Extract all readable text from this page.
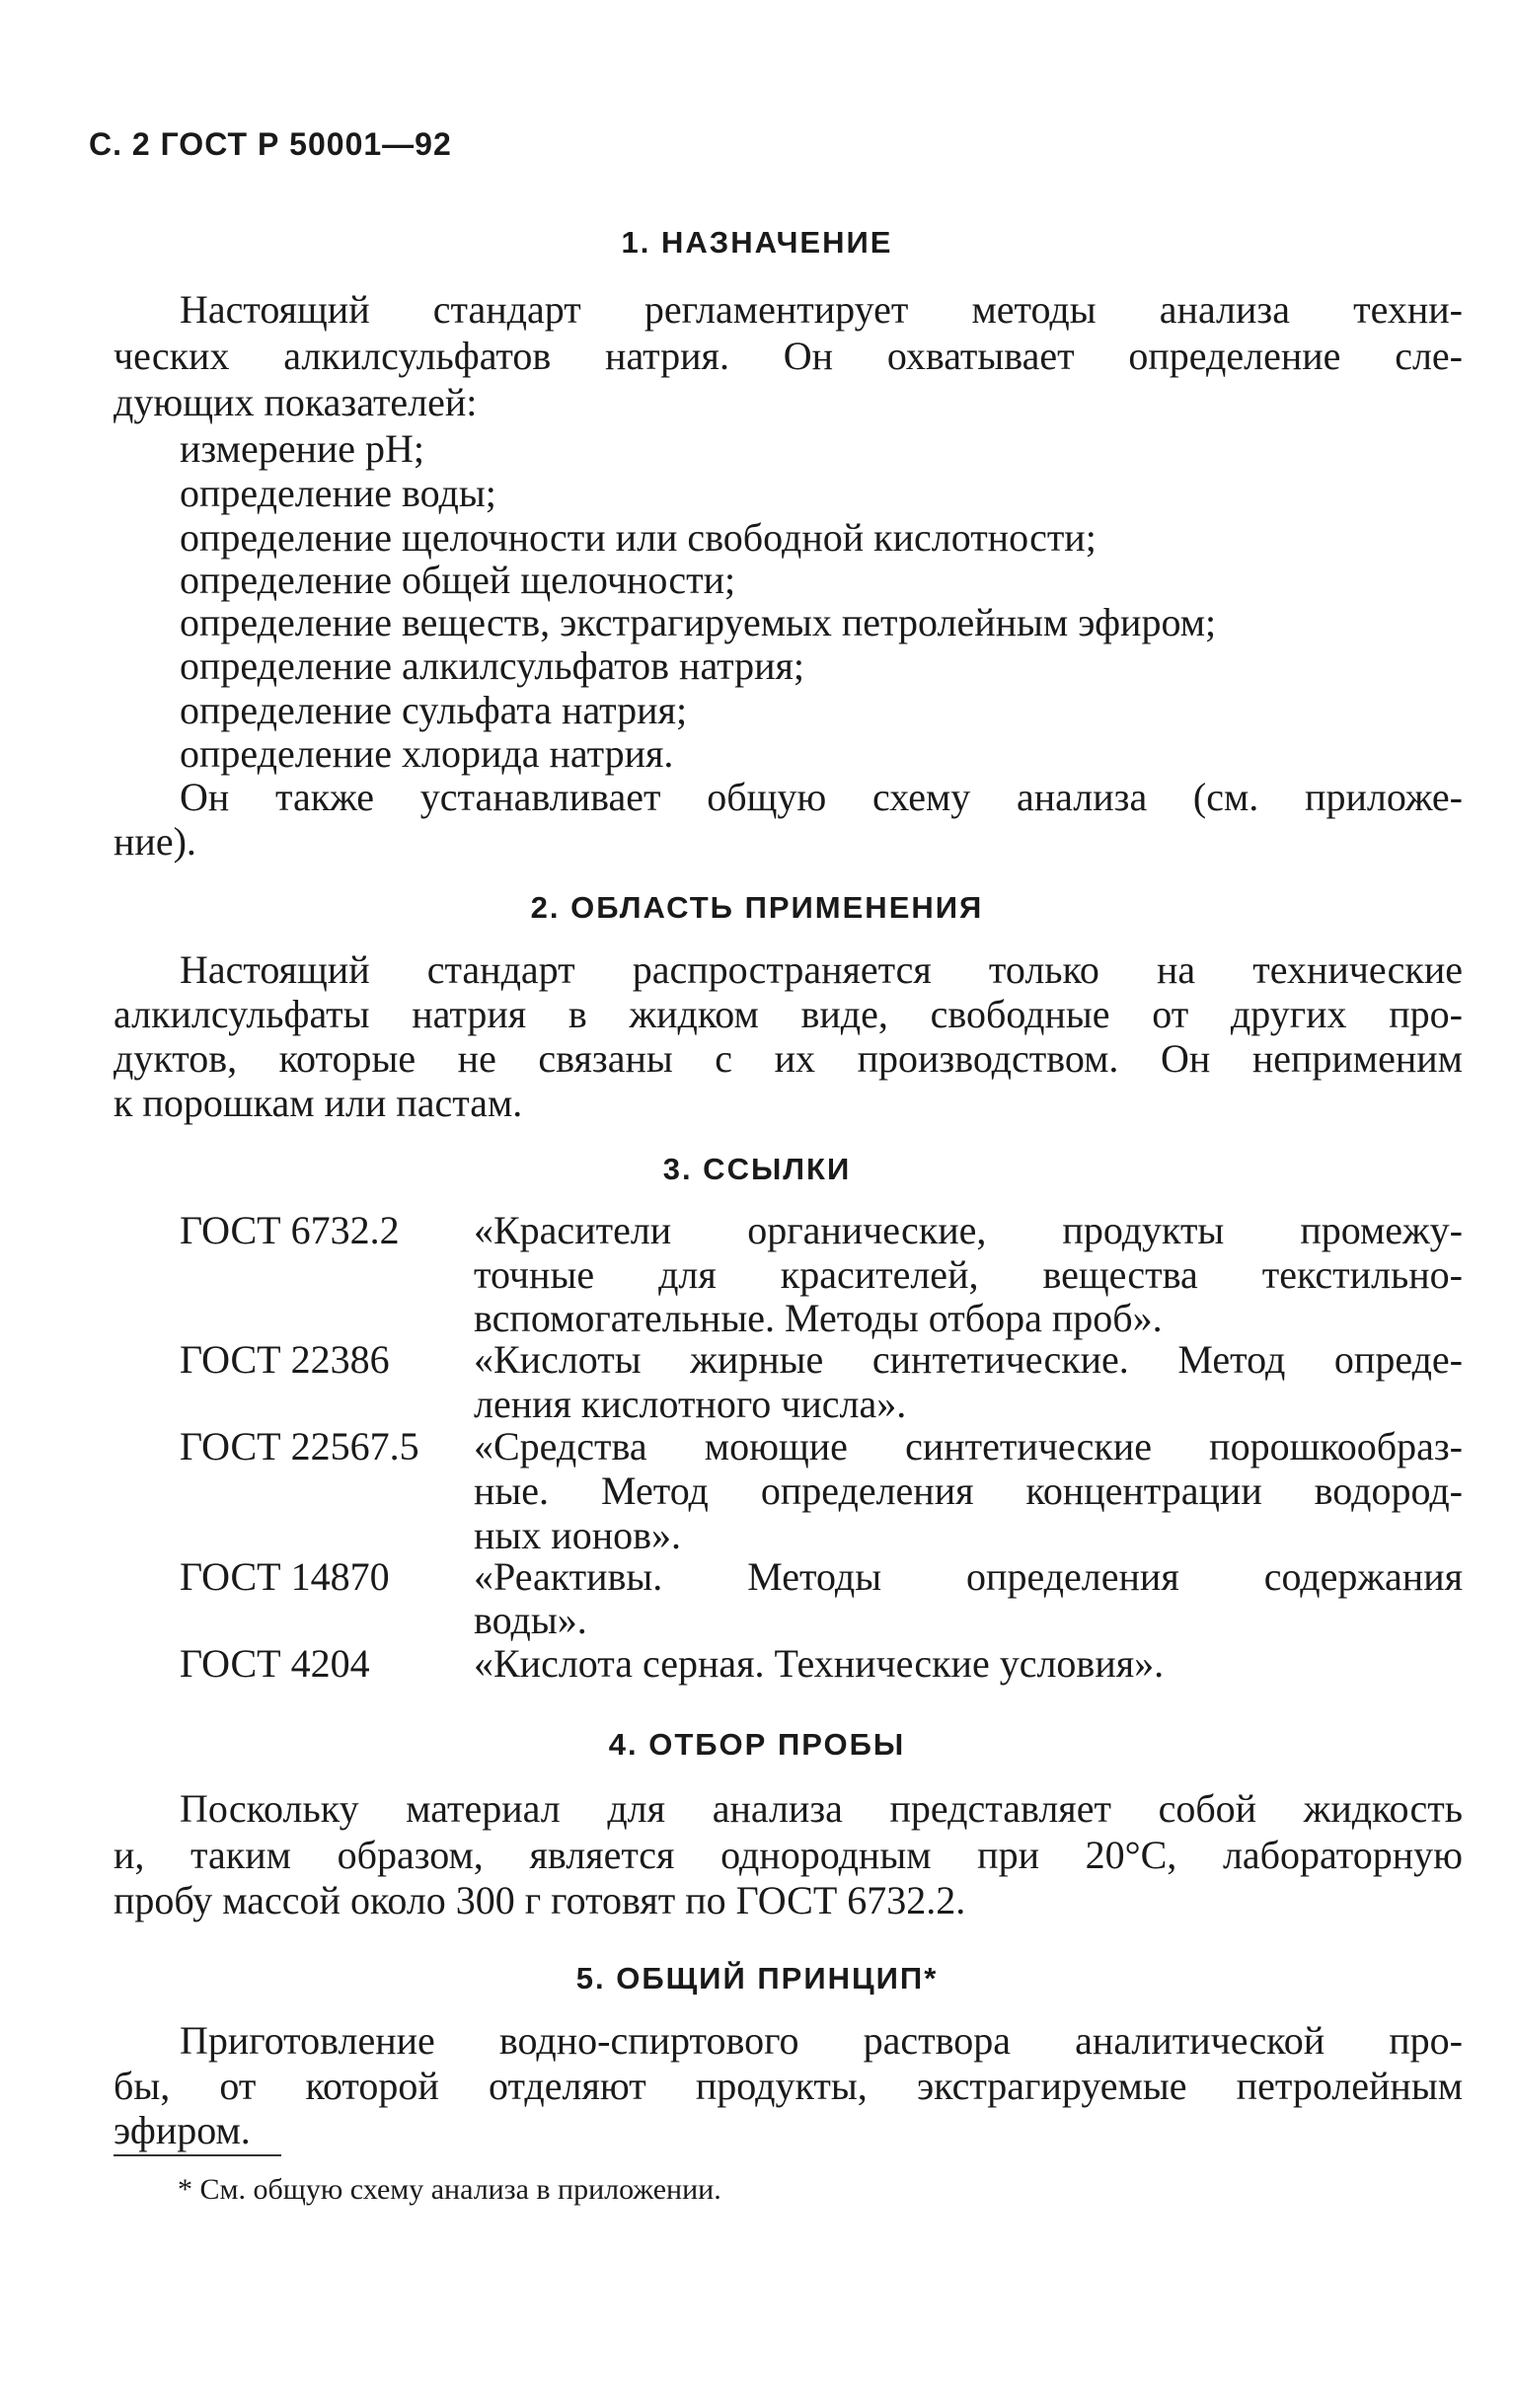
С. 2 ГОСТ Р 50001—92
1. НАЗНАЧЕНИЕ
Настоящий стандарт регламентирует методы анализа техни-
ческих алкилсульфатов натрия. Он охватывает определение сле-
дующих показателей:
измерение pH;
определение воды;
определение щелочности или свободной кислотности;
определение общей щелочности;
определение веществ, экстрагируемых петролейным эфиром;
определение алкилсульфатов натрия;
определение сульфата натрия;
определение хлорида натрия.
Он также устанавливает общую схему анализа (см. приложе-
ние).
2. ОБЛАСТЬ ПРИМЕНЕНИЯ
Настоящий стандарт распространяется только на технические
алкилсульфаты натрия в жидком виде, свободные от других про-
дуктов, которые не связаны с их производством. Он неприменим
к порошкам или пастам.
3. ССЫЛКИ
ГОСТ 6732.2 «Красители органические, продукты промежу-
точные для красителей, вещества текстильно-
вспомогательные. Методы отбора проб».
ГОСТ 22386 «Кислоты жирные синтетические. Метод опреде-
ления кислотного числа».
ГОСТ 22567.5 «Средства моющие синтетические порошкообраз-
ные. Метод определения концентрации водород-
ных ионов».
ГОСТ 14870 «Реактивы. Методы определения содержания
воды».
ГОСТ 4204	«Кислота серная. Технические условия».
4. ОТБОР ПРОБЫ
Поскольку материал для анализа представляет собой жидкость
и, таким образом, является однородным при 20°С, лабораторную
пробу массой около 300 г готовят по ГОСТ 6732.2.
5. ОБЩИЙ ПРИНЦИП*
Приготовление водно-спиртового раствора аналитической про-
бы, от которой отделяют продукты, экстрагируемые петролейным
эфиром.
* См. общую схему анализа в приложении.
